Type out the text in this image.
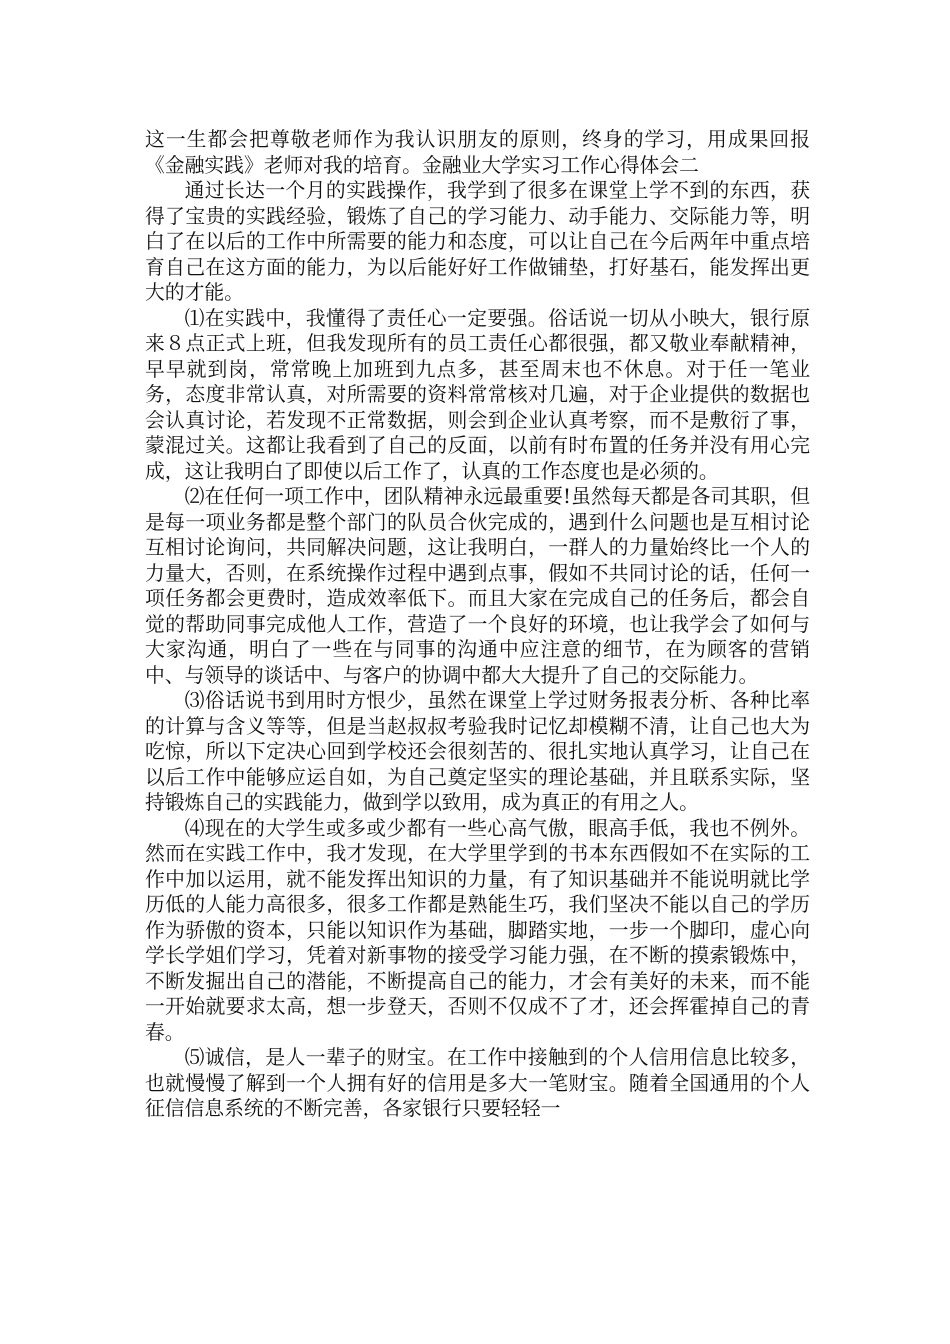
这一生都会把尊敬老师作为我认识朋友的原则，终身的学习，用成果回报《金融实践》老师对我的培育。金融业大学实习工作心得体会二

通过长达一个月的实践操作，我学到了很多在课堂上学不到的东西，获得了宝贵的实践经验，锻炼了自己的学习能力、动手能力、交际能力等，明白了在以后的工作中所需要的能力和态度，可以让自己在今后两年中重点培育自己在这方面的能力，为以后能好好工作做铺垫，打好基石，能发挥出更大的才能。

⑴在实践中，我懂得了责任心一定要强。俗话说一切从小映大，银行原来８点正式上班，但我发现所有的员工责任心都很强，都又敬业奉献精神，早早就到岗，常常晚上加班到九点多，甚至周末也不休息。对于任一笔业务，态度非常认真，对所需要的资料常常核对几遍，对于企业提供的数据也会认真讨论，若发现不正常数据，则会到企业认真考察，而不是敷衍了事，蒙混过关。这都让我看到了自己的反面，以前有时布置的任务并没有用心完成，这让我明白了即使以后工作了，认真的工作态度也是必须的。

⑵在任何一项工作中，团队精神永远最重要!虽然每天都是各司其职，但是每一项业务都是整个部门的队员合伙完成的，遇到什么问题也是互相讨论互相讨论询问，共同解决问题，这让我明白，一群人的力量始终比一个人的力量大，否则，在系统操作过程中遇到点事，假如不共同讨论的话，任何一项任务都会更费时，造成效率低下。而且大家在完成自己的任务后，都会自觉的帮助同事完成他人工作，营造了一个良好的环境，也让我学会了如何与大家沟通，明白了一些在与同事的沟通中应注意的细节，在为顾客的营销中、与领导的谈话中、与客户的协调中都大大提升了自己的交际能力。

⑶俗话说书到用时方恨少，虽然在课堂上学过财务报表分析、各种比率的计算与含义等等，但是当赵叔叔考验我时记忆却模糊不清，让自己也大为吃惊，所以下定决心回到学校还会很刻苦的、很扎实地认真学习，让自己在以后工作中能够应运自如，为自己奠定坚实的理论基础，并且联系实际，坚持锻炼自己的实践能力，做到学以致用，成为真正的有用之人。

⑷现在的大学生或多或少都有一些心高气傲，眼高手低，我也不例外。然而在实践工作中，我才发现，在大学里学到的书本东西假如不在实际的工作中加以运用，就不能发挥出知识的力量，有了知识基础并不能说明就比学历低的人能力高很多，很多工作都是熟能生巧，我们坚决不能以自己的学历作为骄傲的资本，只能以知识作为基础，脚踏实地，一步一个脚印，虚心向学长学姐们学习，凭着对新事物的接受学习能力强，在不断的摸索锻炼中，不断发掘出自己的潜能，不断提高自己的能力，才会有美好的未来，而不能一开始就要求太高，想一步登天，否则不仅成不了才，还会挥霍掉自己的青春。

⑸诚信，是人一辈子的财宝。在工作中接触到的个人信用信息比较多，也就慢慢了解到一个人拥有好的信用是多大一笔财宝。随着全国通用的个人征信信息系统的不断完善，各家银行只要轻轻一
